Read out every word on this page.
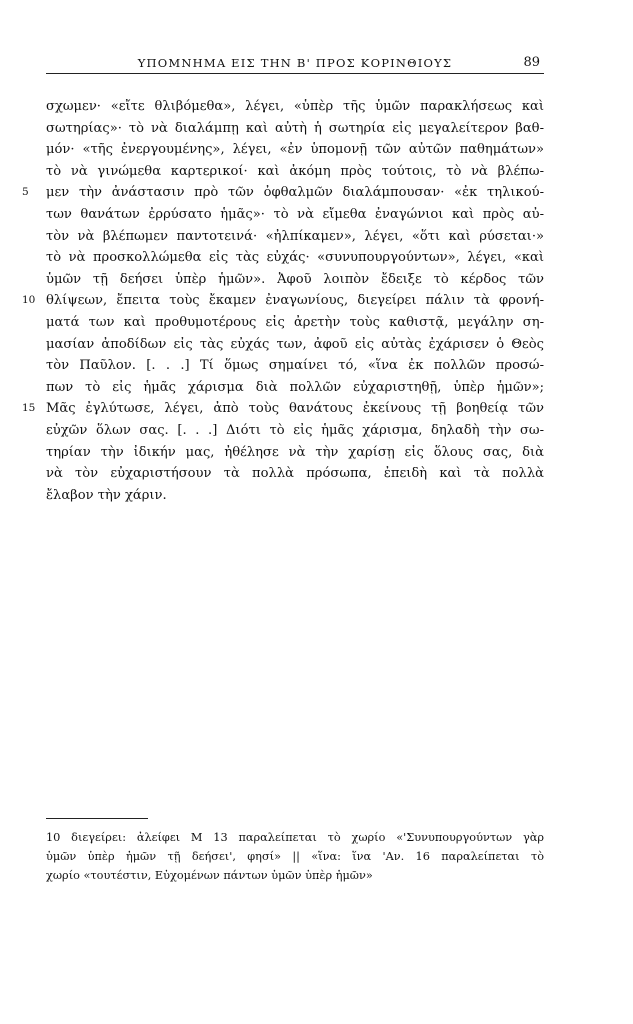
ΥΠΟΜΝΗΜΑ ΕΙΣ ΤΗΝ Β' ΠΡΟΣ ΚΟΡΙΝΘΙΟΥΣ	89
σχωμεν· «εἴτε θλιβόμεθα», λέγει, «ὑπὲρ τῆς ὑμῶν παρακλήσεως καὶ
σωτηρίας»· τὸ νὰ διαλάμπῃ καὶ αὐτὴ ἡ σωτηρία εἰς μεγαλείτερον βαθ-
μόν· «τῆς ἐνεργουμένης», λέγει, «ἐν ὑπομονῇ τῶν αὐτῶν παθημάτων»
τὸ νὰ γινώμεθα καρτερικοί· καὶ ἀκόμη πρὸς τούτοις, τὸ νὰ βλέπω-
5 μεν τὴν ἀνάστασιν πρὸ τῶν ὀφθαλμῶν διαλάμπουσαν· «ἐκ τηλικού-
των θανάτων ἐρρύσατο ἡμᾶς»· τὸ νὰ εἴμεθα ἐναγώνιοι καὶ πρὸς αὐ-
τὸν νὰ βλέπωμεν παντοτεινά· «ἠλπίκαμεν», λέγει, «ὅτι καὶ ρύσεται·»
τὸ νὰ προσκολλώμεθα εἰς τὰς εὐχάς· «συνυπουργούντων», λέγει, «καὶ
ὑμῶν τῇ δεήσει ὑπὲρ ἡμῶν». Ἀφοῦ λοιπὸν ἔδειξε τὸ κέρδος τῶν
10 θλίψεων, ἔπειτα τοὺς ἔκαμεν ἐναγωνίους, διεγείρει πάλιν τὰ φρονή-
ματά των καὶ προθυμοτέρους εἰς ἀρετὴν τοὺς καθιστᾷ, μεγάλην ση-
μασίαν ἀποδίδων εἰς τὰς εὐχάς των, ἀφοῦ εἰς αὐτὰς ἐχάρισεν ὁ Θεὸς
τὸν Παῦλον. [. . .] Τί ὅμως σημαίνει τό, «ἵνα ἐκ πολλῶν προσώ-
πων τὸ εἰς ἡμᾶς χάρισμα διὰ πολλῶν εὐχαριστηθῇ, ὑπὲρ ἡμῶν»;
15 Μᾶς ἐγλύτωσε, λέγει, ἀπὸ τοὺς θανάτους ἐκείνους τῇ βοηθείᾳ τῶν
εὐχῶν ὅλων σας. [. . .] Διότι τὸ εἰς ἡμᾶς χάρισμα, δηλαδὴ τὴν σω-
τηρίαν τὴν ἰδικήν μας, ἠθέλησε νὰ τὴν χαρίσῃ εἰς ὅλους σας, διὰ
νὰ τὸν εὐχαριστήσουν τὰ πολλὰ πρόσωπα, ἐπειδὴ καὶ τὰ πολλὰ
ἔλαβον τὴν χάριν.
10 διεγείρει: ἀλείφει M 13 παραλείπεται τὸ χωρίο «'Συνυπουργούντων γὰρ
ὑμῶν ὑπὲρ ἡμῶν τῇ δεήσει', φησί» || «ἵνα: ἵνα 'Αν. 16 παραλείπεται τὸ
χωρίο «τουτέστιν, Εὐχομένων πάντων ὑμῶν ὑπὲρ ἡμῶν»
